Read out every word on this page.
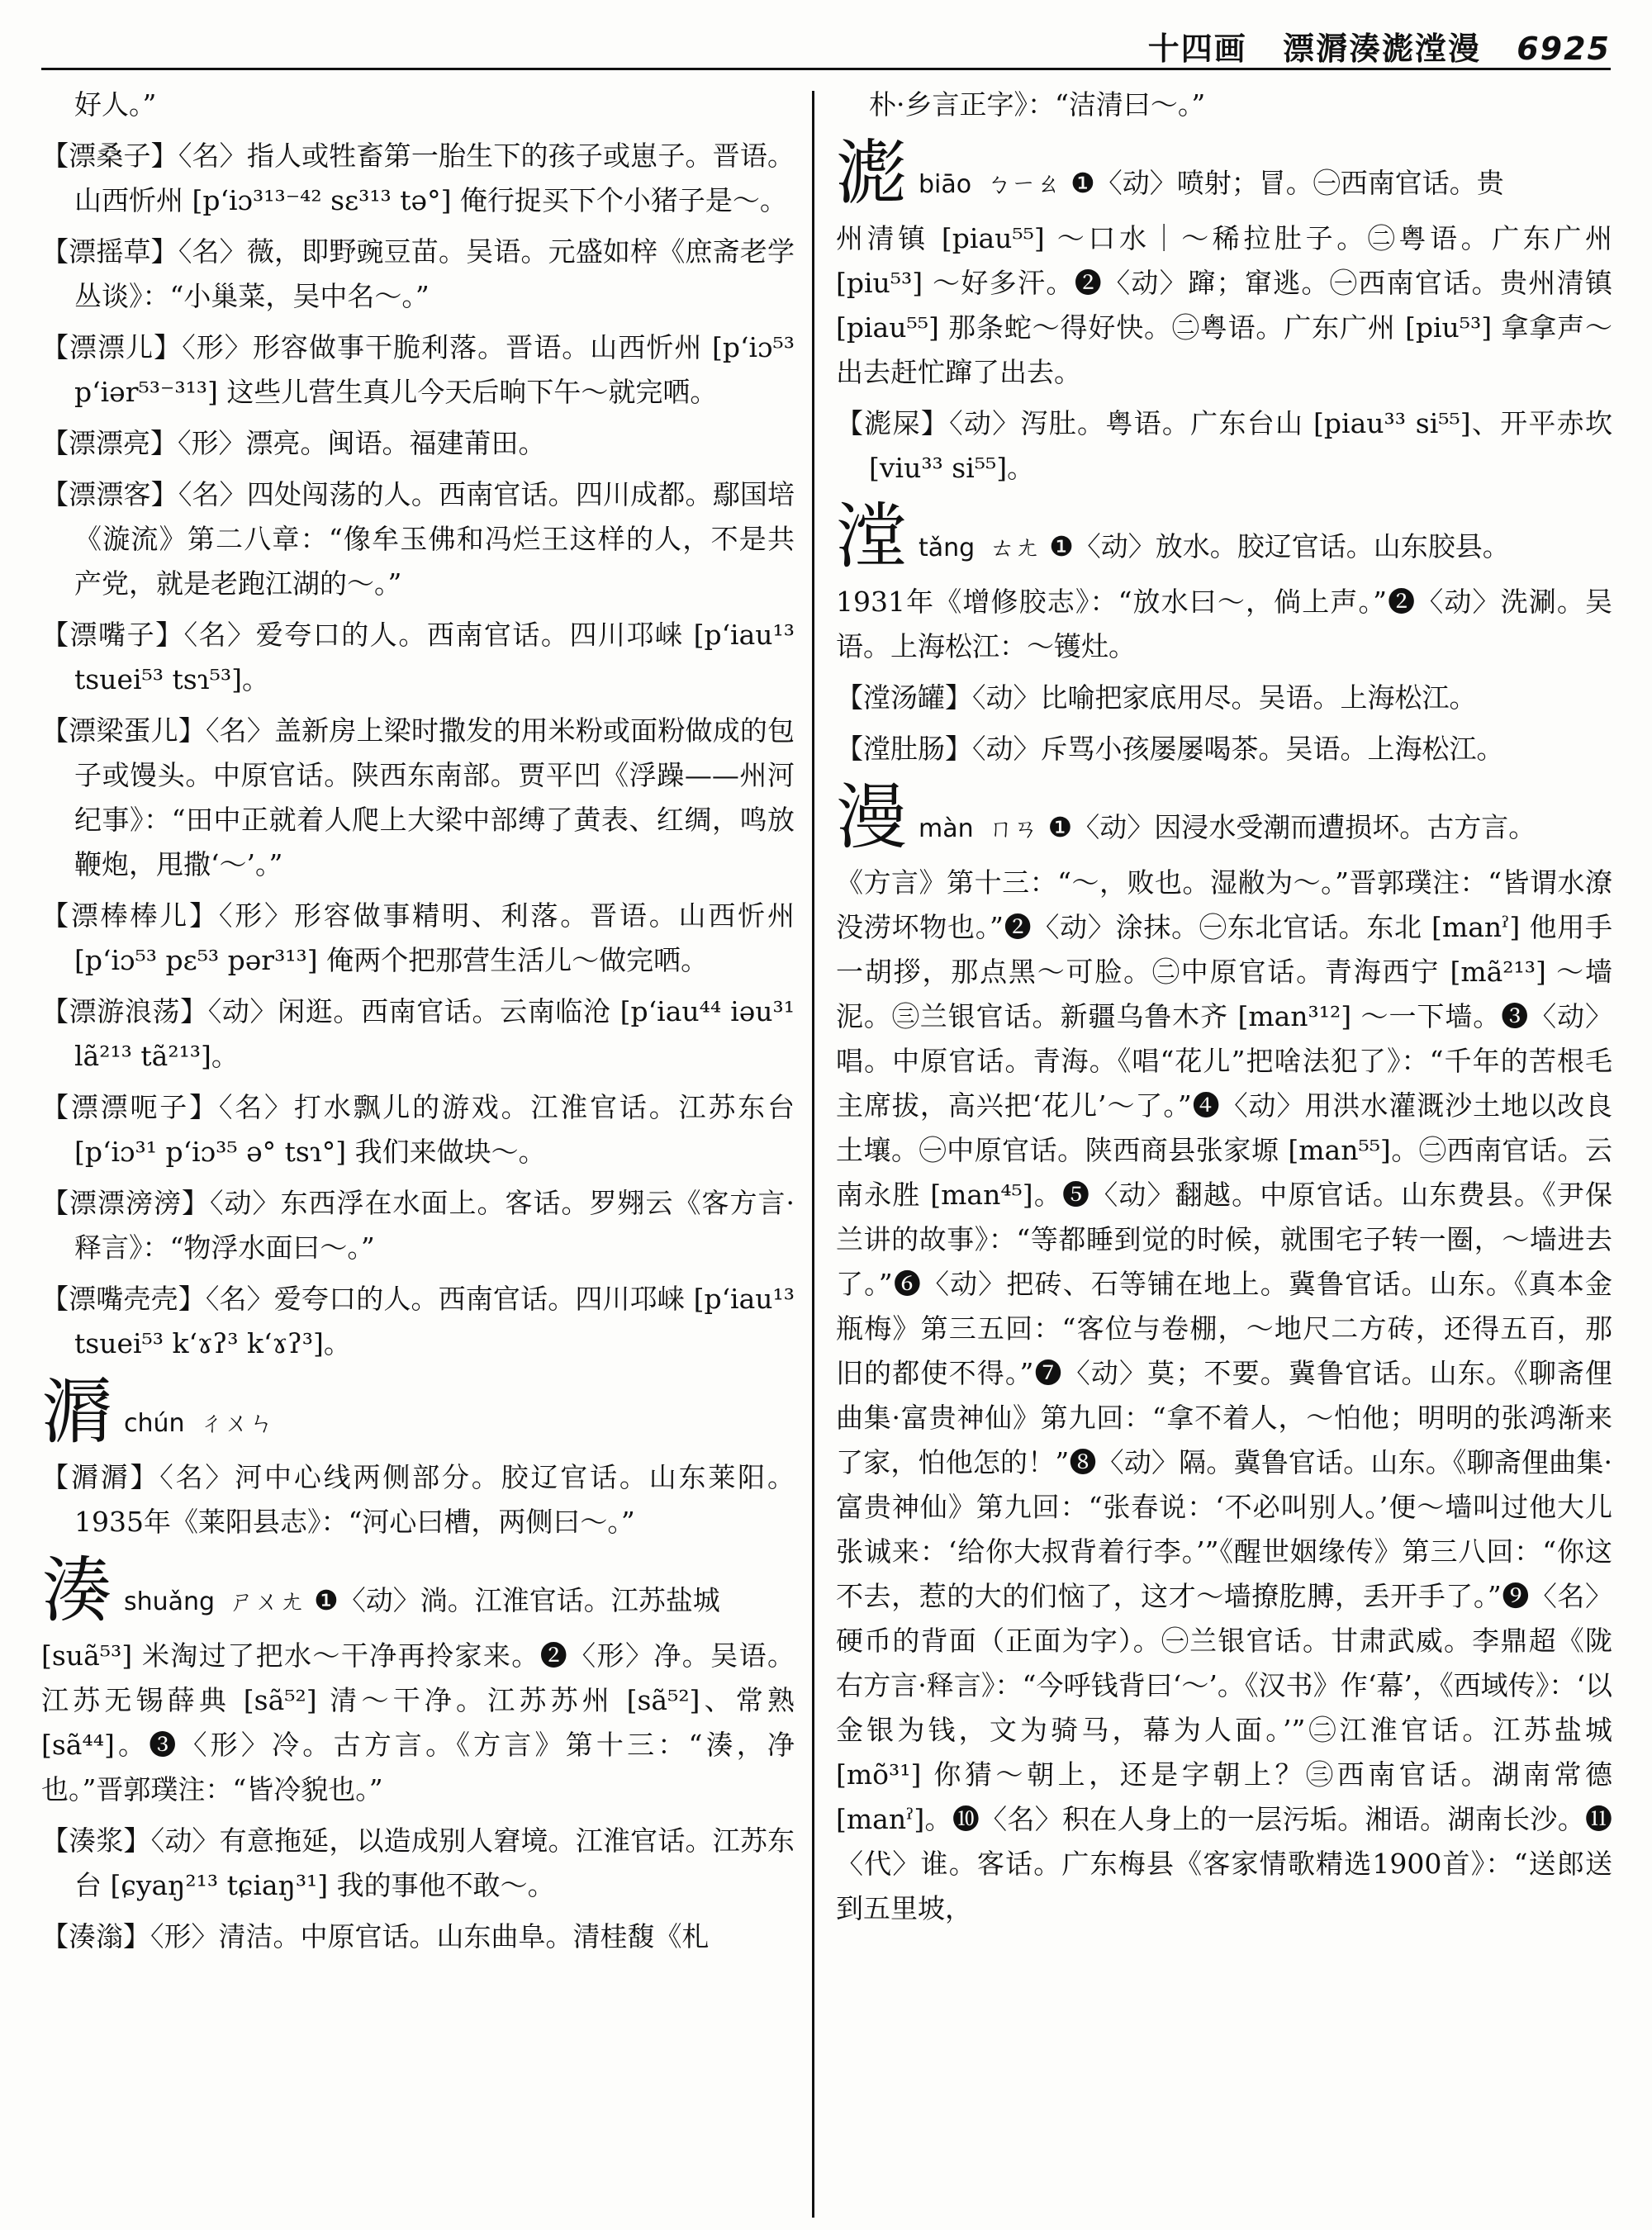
十四画 漂漘湊滮漟漫 6925

好人。”

【漂桑子】〈名〉指人或牲畜第一胎生下的孩子或崽子。晋语。山西忻州 [p‘iɔ³¹³⁻⁴² sɛ³¹³ tə°] 俺行捉买下个小猪子是～。

【漂摇草】〈名〉薇，即野豌豆苗。吴语。元盛如梓《庶斋老学丛谈》：“小巢菜，吴中名～。”

【漂漂儿】〈形〉形容做事干脆利落。晋语。山西忻州 [p‘iɔ⁵³ p‘iər⁵³⁻³¹³] 这些儿营生真儿今天后晌下午～就完哂。

【漂漂亮】〈形〉漂亮。闽语。福建莆田。

【漂漂客】〈名〉四处闯荡的人。西南官话。四川成都。鄢国培《漩流》第二八章：“像牟玉佛和冯烂王这样的人，不是共产党，就是老跑江湖的～。”

【漂嘴子】〈名〉爱夸口的人。西南官话。四川邛崃 [p‘iau¹³ tsuei⁵³ tsɿ⁵³]。

【漂梁蛋儿】〈名〉盖新房上梁时撒发的用米粉或面粉做成的包子或馒头。中原官话。陕西东南部。贾平凹《浮躁——州河纪事》：“田中正就着人爬上大梁中部缚了黄表、红绸，鸣放鞭炮，甩撒‘～’。”

【漂棒棒儿】〈形〉形容做事精明、利落。晋语。山西忻州 [p‘iɔ⁵³ pɛ⁵³ pər³¹³] 俺两个把那营生活儿～做完哂。

【漂游浪荡】〈动〉闲逛。西南官话。云南临沧 [p‘iau⁴⁴ iəu³¹ lã²¹³ tã²¹³]。

【漂漂呃子】〈名〉打水飘儿的游戏。江淮官话。江苏东台 [p‘iɔ³¹ p‘iɔ³⁵ ə° tsɿ°] 我们来做块～。

【漂漂滂滂】〈动〉东西浮在水面上。客话。罗翙云《客方言·释言》：“物浮水面曰～。”

【漂嘴壳壳】〈名〉爱夸口的人。西南官话。四川邛崃 [p‘iau¹³ tsuei⁵³ k‘ɤʔ³ k‘ɤʔ³]。

漘chún ㄔㄨㄣ

【漘漘】〈名〉河中心线两侧部分。胶辽官话。山东莱阳。1935年《莱阳县志》：“河心曰槽，两侧曰～。”

湊shuǎng ㄕㄨㄤ ❶〈动〉淌。江淮官话。江苏盐城

[suã⁵³] 米淘过了把水～干净再拎家来。❷〈形〉净。吴语。江苏无锡薛典 [sã⁵²] 清～干净。江苏苏州 [sã⁵²]、常熟 [sã⁴⁴]。❸〈形〉冷。古方言。《方言》第十三：“湊，净也。”晋郭璞注：“皆冷貌也。”

【湊浆】〈动〉有意拖延，以造成别人窘境。江淮官话。江苏东台 [ɕyaŋ²¹³ tɕiaŋ³¹] 我的事他不敢～。

【湊滃】〈形〉清洁。中原官话。山东曲阜。清桂馥《札

朴·乡言正字》：“洁清曰～。”

滮biāo ㄅㄧㄠ ❶〈动〉喷射；冒。㊀西南官话。贵

州清镇 [piau⁵⁵] ～口水｜～稀拉肚子。㊁粤语。广东广州 [piu⁵³] ～好多汗。❷〈动〉蹿；窜逃。㊀西南官话。贵州清镇 [piau⁵⁵] 那条蛇～得好快。㊁粤语。广东广州 [piu⁵³] 拿拿声～出去赶忙蹿了出去。

【滮屎】〈动〉泻肚。粤语。广东台山 [piau³³ si⁵⁵]、开平赤坎 [viu³³ si⁵⁵]。

漟tǎng ㄊㄤ ❶〈动〉放水。胶辽官话。山东胶县。

1931年《增修胶志》：“放水曰～，倘上声。”❷〈动〉洗涮。吴语。上海松江：～镬灶。

【漟汤罐】〈动〉比喻把家底用尽。吴语。上海松江。

【漟肚肠】〈动〉斥骂小孩屡屡喝茶。吴语。上海松江。

漫màn ㄇㄢ ❶〈动〉因浸水受潮而遭损坏。古方言。

《方言》第十三：“～，败也。湿敝为～。”晋郭璞注：“皆谓水潦没涝坏物也。”❷〈动〉涂抹。㊀东北官话。东北 [manˀ] 他用手一胡拶，那点黑～可脸。㊁中原官话。青海西宁 [mã²¹³] ～墙泥。㊂兰银官话。新疆乌鲁木齐 [man³¹²] ～一下墙。❸〈动〉唱。中原官话。青海。《唱“花儿”把啥法犯了》：“千年的苦根毛主席拔，高兴把‘花儿’～了。”❹〈动〉用洪水灌溉沙土地以改良土壤。㊀中原官话。陕西商县张家塬 [man⁵⁵]。㊁西南官话。云南永胜 [man⁴⁵]。❺〈动〉翻越。中原官话。山东费县。《尹保兰讲的故事》：“等都睡到觉的时候，就围宅子转一圈，～墙进去了。”❻〈动〉把砖、石等铺在地上。冀鲁官话。山东。《真本金瓶梅》第三五回：“客位与卷棚，～地尺二方砖，还得五百，那旧的都使不得。”❼〈动〉莫；不要。冀鲁官话。山东。《聊斋俚曲集·富贵神仙》第九回：“拿不着人，～怕他；明明的张鸿渐来了家，怕他怎的！”❽〈动〉隔。冀鲁官话。山东。《聊斋俚曲集·富贵神仙》第九回：“张春说：‘不必叫别人。’便～墙叫过他大儿张诚来：‘给你大叔背着行李。’”《醒世姻缘传》第三八回：“你这不去，惹的大的们恼了，这才～墙撩肐膊，丢开手了。”❾〈名〉硬币的背面（正面为字）。㊀兰银官话。甘肃武威。李鼎超《陇右方言·释言》：“今呼钱背曰‘～’。《汉书》作‘幕’，《西域传》：‘以金银为钱，文为骑马，幕为人面。’”㊁江淮官话。江苏盐城 [mõ³¹] 你猜～朝上，还是字朝上？㊂西南官话。湖南常德 [manˀ]。❿〈名〉积在人身上的一层污垢。湘语。湖南长沙。⓫〈代〉谁。客话。广东梅县《客家情歌精选1900首》：“送郎送到五里坡，
